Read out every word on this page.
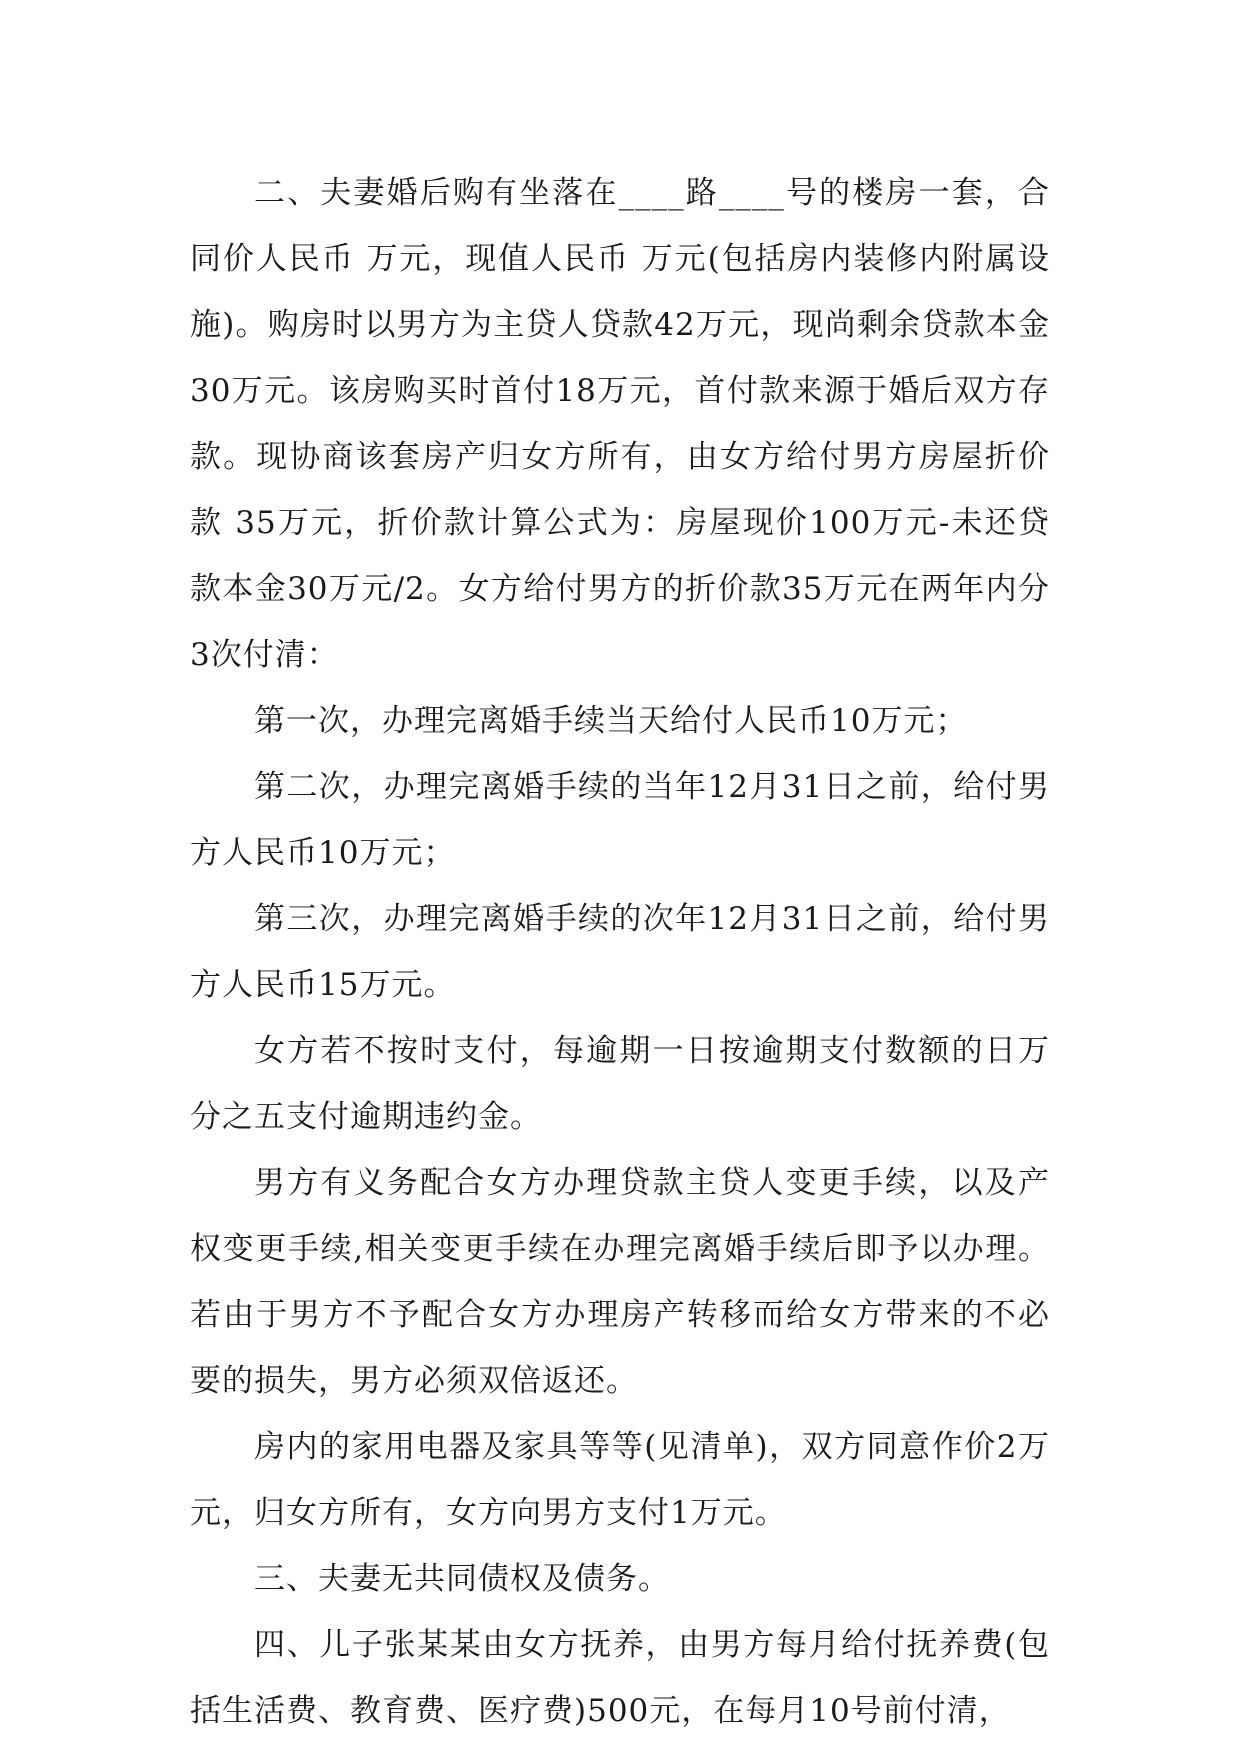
二、夫妻婚后购有坐落在____路____号的楼房一套，合同价人民币 万元，现值人民币 万元(包括房内装修内附属设施)。购房时以男方为主贷人贷款42万元，现尚剩余贷款本金30万元。该房购买时首付18万元，首付款来源于婚后双方存款。现协商该套房产归女方所有，由女方给付男方房屋折价款 35万元，折价款计算公式为：房屋现价100万元-未还贷款本金30万元/2。女方给付男方的折价款35万元在两年内分3次付清：

第一次，办理完离婚手续当天给付人民币10万元；

第二次，办理完离婚手续的当年12月31日之前，给付男方人民币10万元；

第三次，办理完离婚手续的次年12月31日之前，给付男方人民币15万元。

女方若不按时支付，每逾期一日按逾期支付数额的日万分之五支付逾期违约金。

男方有义务配合女方办理贷款主贷人变更手续，以及产权变更手续,相关变更手续在办理完离婚手续后即予以办理。若由于男方不予配合女方办理房产转移而给女方带来的不必要的损失，男方必须双倍返还。

房内的家用电器及家具等等(见清单)，双方同意作价2万元，归女方所有，女方向男方支付1万元。

三、夫妻无共同债权及债务。

四、儿子张某某由女方抚养，由男方每月给付抚养费(包括生活费、教育费、医疗费)500元，在每月10号前付清，
